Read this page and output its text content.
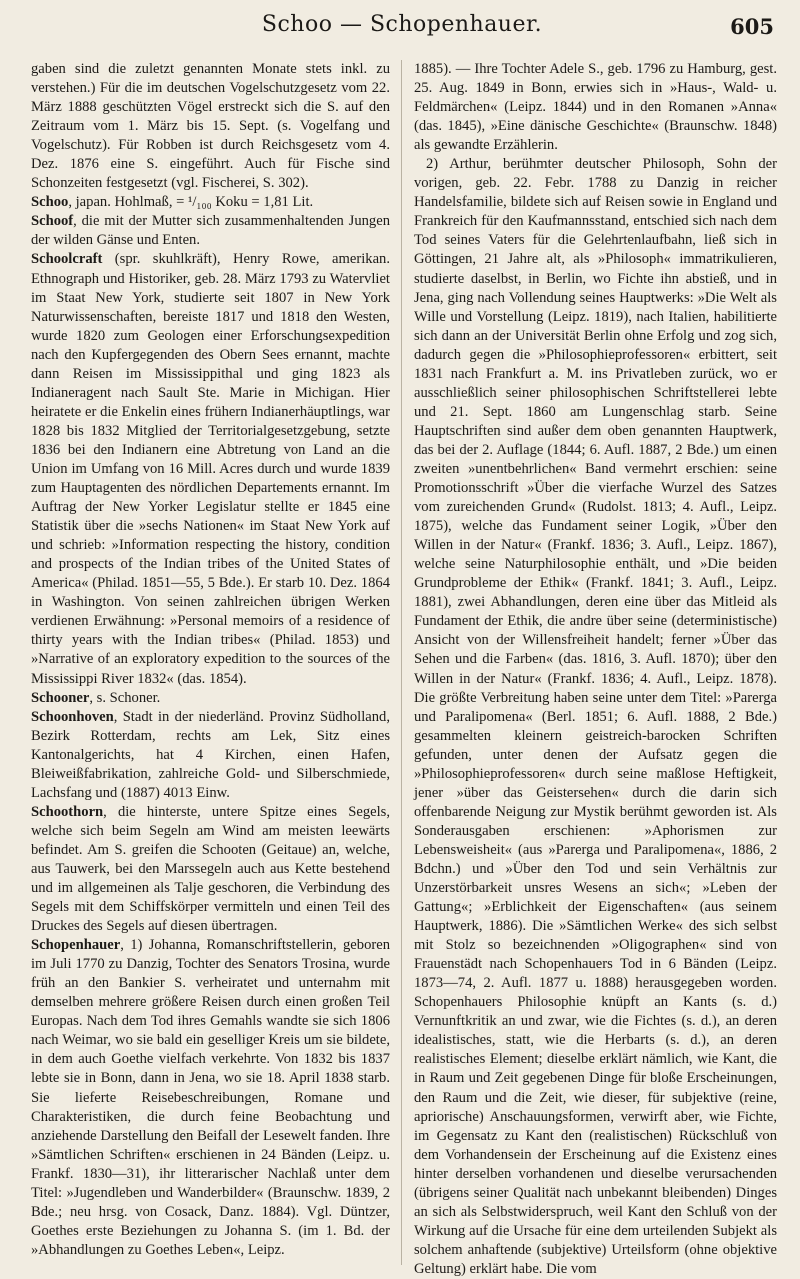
Schoo — Schopenhauer.	605

gaben sind die zuletzt genannten Monate stets inkl. zu verstehen.) Für die im deutschen Vogelschutzgesetz vom 22. März 1888 geschützten Vögel erstreckt sich die S. auf den Zeitraum vom 1. März bis 15. Sept. (s. Vogelfang und Vogelschutz). Für Robben ist durch Reichsgesetz vom 4. Dez. 1876 eine S. eingeführt. Auch für Fische sind Schonzeiten festgesetzt (vgl. Fischerei, S. 302).

Schoo, japan. Hohlmaß, = ¹/₁₀₀ Koku = 1,81 Lit.

Schoof, die mit der Mutter sich zusammenhaltenden Jungen der wilden Gänse und Enten.

Schoolcraft (spr. skuhlkräft), Henry Rowe, amerikan. Ethnograph und Historiker, geb. 28. März 1793 zu Watervliet im Staat New York, studierte seit 1807 in New York Naturwissenschaften, bereiste 1817 und 1818 den Westen, wurde 1820 zum Geologen einer Erforschungsexpedition nach den Kupfergegenden des Obern Sees ernannt, machte dann Reisen im Mississippithal und ging 1823 als Indianeragent nach Sault Ste. Marie in Michigan. Hier heiratete er die Enkelin eines frühern Indianerhäuptlings, war 1828 bis 1832 Mitglied der Territorialgesetzgebung, setzte 1836 bei den Indianern eine Abtretung von Land an die Union im Umfang von 16 Mill. Acres durch und wurde 1839 zum Hauptagenten des nördlichen Departements ernannt. Im Auftrag der New Yorker Legislatur stellte er 1845 eine Statistik über die »sechs Nationen« im Staat New York auf und schrieb: »Information respecting the history, condition and prospects of the Indian tribes of the United States of America« (Philad. 1851—55, 5 Bde.). Er starb 10. Dez. 1864 in Washington. Von seinen zahlreichen übrigen Werken verdienen Erwähnung: »Personal memoirs of a residence of thirty years with the Indian tribes« (Philad. 1853) und »Narrative of an exploratory expedition to the sources of the Mississippi River 1832« (das. 1854).

Schooner, s. Schoner.

Schoonhoven, Stadt in der niederländ. Provinz Südholland, Bezirk Rotterdam, rechts am Lek, Sitz eines Kantonalgerichts, hat 4 Kirchen, einen Hafen, Bleiweißfabrikation, zahlreiche Gold- und Silberschmiede, Lachsfang und (1887) 4013 Einw.

Schoothorn, die hinterste, untere Spitze eines Segels, welche sich beim Segeln am Wind am meisten leewärts befindet. Am S. greifen die Schooten (Geitaue) an, welche, aus Tauwerk, bei den Marssegeln auch aus Kette bestehend und im allgemeinen als Talje geschoren, die Verbindung des Segels mit dem Schiffskörper vermitteln und einen Teil des Druckes des Segels auf diesen übertragen.

Schopenhauer, 1) Johanna, Romanschriftstellerin, geboren im Juli 1770 zu Danzig, Tochter des Senators Trosina, wurde früh an den Bankier S. verheiratet und unternahm mit demselben mehrere größere Reisen durch einen großen Teil Europas. Nach dem Tod ihres Gemahls wandte sie sich 1806 nach Weimar, wo sie bald ein geselliger Kreis um sie bildete, in dem auch Goethe vielfach verkehrte. Von 1832 bis 1837 lebte sie in Bonn, dann in Jena, wo sie 18. April 1838 starb. Sie lieferte Reisebeschreibungen, Romane und Charakteristiken, die durch feine Beobachtung und anziehende Darstellung den Beifall der Lesewelt fanden. Ihre »Sämtlichen Schriften« erschienen in 24 Bänden (Leipz. u. Frankf. 1830—31), ihr litterarischer Nachlaß unter dem Titel: »Jugendleben und Wanderbilder« (Braunschw. 1839, 2 Bde.; neu hrsg. von Cosack, Danz. 1884). Vgl. Düntzer, Goethes erste Beziehungen zu Johanna S. (im 1. Bd. der »Abhandlungen zu Goethes Leben«, Leipz.

1885). — Ihre Tochter Adele S., geb. 1796 zu Hamburg, gest. 25. Aug. 1849 in Bonn, erwies sich in »Haus-, Wald- u. Feldmärchen« (Leipz. 1844) und in den Romanen »Anna« (das. 1845), »Eine dänische Geschichte« (Braunschw. 1848) als gewandte Erzählerin.

2) Arthur, berühmter deutscher Philosoph, Sohn der vorigen, geb. 22. Febr. 1788 zu Danzig in reicher Handelsfamilie, bildete sich auf Reisen sowie in England und Frankreich für den Kaufmannsstand, entschied sich nach dem Tod seines Vaters für die Gelehrtenlaufbahn, ließ sich in Göttingen, 21 Jahre alt, als »Philosoph« immatrikulieren, studierte daselbst, in Berlin, wo Fichte ihn abstieß, und in Jena, ging nach Vollendung seines Hauptwerks: »Die Welt als Wille und Vorstellung (Leipz. 1819), nach Italien, habilitierte sich dann an der Universität Berlin ohne Erfolg und zog sich, dadurch gegen die »Philosophieprofessoren« erbittert, seit 1831 nach Frankfurt a. M. ins Privatleben zurück, wo er ausschließlich seiner philosophischen Schriftstellerei lebte und 21. Sept. 1860 am Lungenschlag starb. Seine Hauptschriften sind außer dem oben genannten Hauptwerk, das bei der 2. Auflage (1844; 6. Aufl. 1887, 2 Bde.) um einen zweiten »unentbehrlichen« Band vermehrt erschien: seine Promotionsschrift »Über die vierfache Wurzel des Satzes vom zureichenden Grund« (Rudolst. 1813; 4. Aufl., Leipz. 1875), welche das Fundament seiner Logik, »Über den Willen in der Natur« (Frankf. 1836; 3. Aufl., Leipz. 1867), welche seine Naturphilosophie enthält, und »Die beiden Grundprobleme der Ethik« (Frankf. 1841; 3. Aufl., Leipz. 1881), zwei Abhandlungen, deren eine über das Mitleid als Fundament der Ethik, die andre über seine (deterministische) Ansicht von der Willensfreiheit handelt; ferner »Über das Sehen und die Farben« (das. 1816, 3. Aufl. 1870); über den Willen in der Natur« (Frankf. 1836; 4. Aufl., Leipz. 1878). Die größte Verbreitung haben seine unter dem Titel: »Parerga und Paralipomena« (Berl. 1851; 6. Aufl. 1888, 2 Bde.) gesammelten kleinern geistreich-barocken Schriften gefunden, unter denen der Aufsatz gegen die »Philosophieprofessoren« durch seine maßlose Heftigkeit, jener »über das Geistersehen« durch die darin sich offenbarende Neigung zur Mystik berühmt geworden ist. Als Sonderausgaben erschienen: »Aphorismen zur Lebensweisheit« (aus »Parerga und Paralipomena«, 1886, 2 Bdchn.) und »Über den Tod und sein Verhältnis zur Unzerstörbarkeit unsres Wesens an sich«; »Leben der Gattung«; »Erblichkeit der Eigenschaften« (aus seinem Hauptwerk, 1886). Die »Sämtlichen Werke« des sich selbst mit Stolz so bezeichnenden »Oligographen« sind von Frauenstädt nach Schopenhauers Tod in 6 Bänden (Leipz. 1873—74, 2. Aufl. 1877 u. 1888) herausgegeben worden. Schopenhauers Philosophie knüpft an Kants (s. d.) Vernunftkritik an und zwar, wie die Fichtes (s. d.), an deren idealistisches, statt, wie die Herbarts (s. d.), an deren realistisches Element; dieselbe erklärt nämlich, wie Kant, die in Raum und Zeit gegebenen Dinge für bloße Erscheinungen, den Raum und die Zeit, wie dieser, für subjektive (reine, apriorische) Anschauungsformen, verwirft aber, wie Fichte, im Gegensatz zu Kant den (realistischen) Rückschluß von dem Vorhandensein der Erscheinung auf die Existenz eines hinter derselben vorhandenen und dieselbe verursachenden (übrigens seiner Qualität nach unbekannt bleibenden) Dinges an sich als Selbstwiderspruch, weil Kant den Schluß von der Wirkung auf die Ursache für eine dem urteilenden Subjekt als solchem anhaftende (subjektive) Urteilsform (ohne objektive Geltung) erklärt habe. Die vom
